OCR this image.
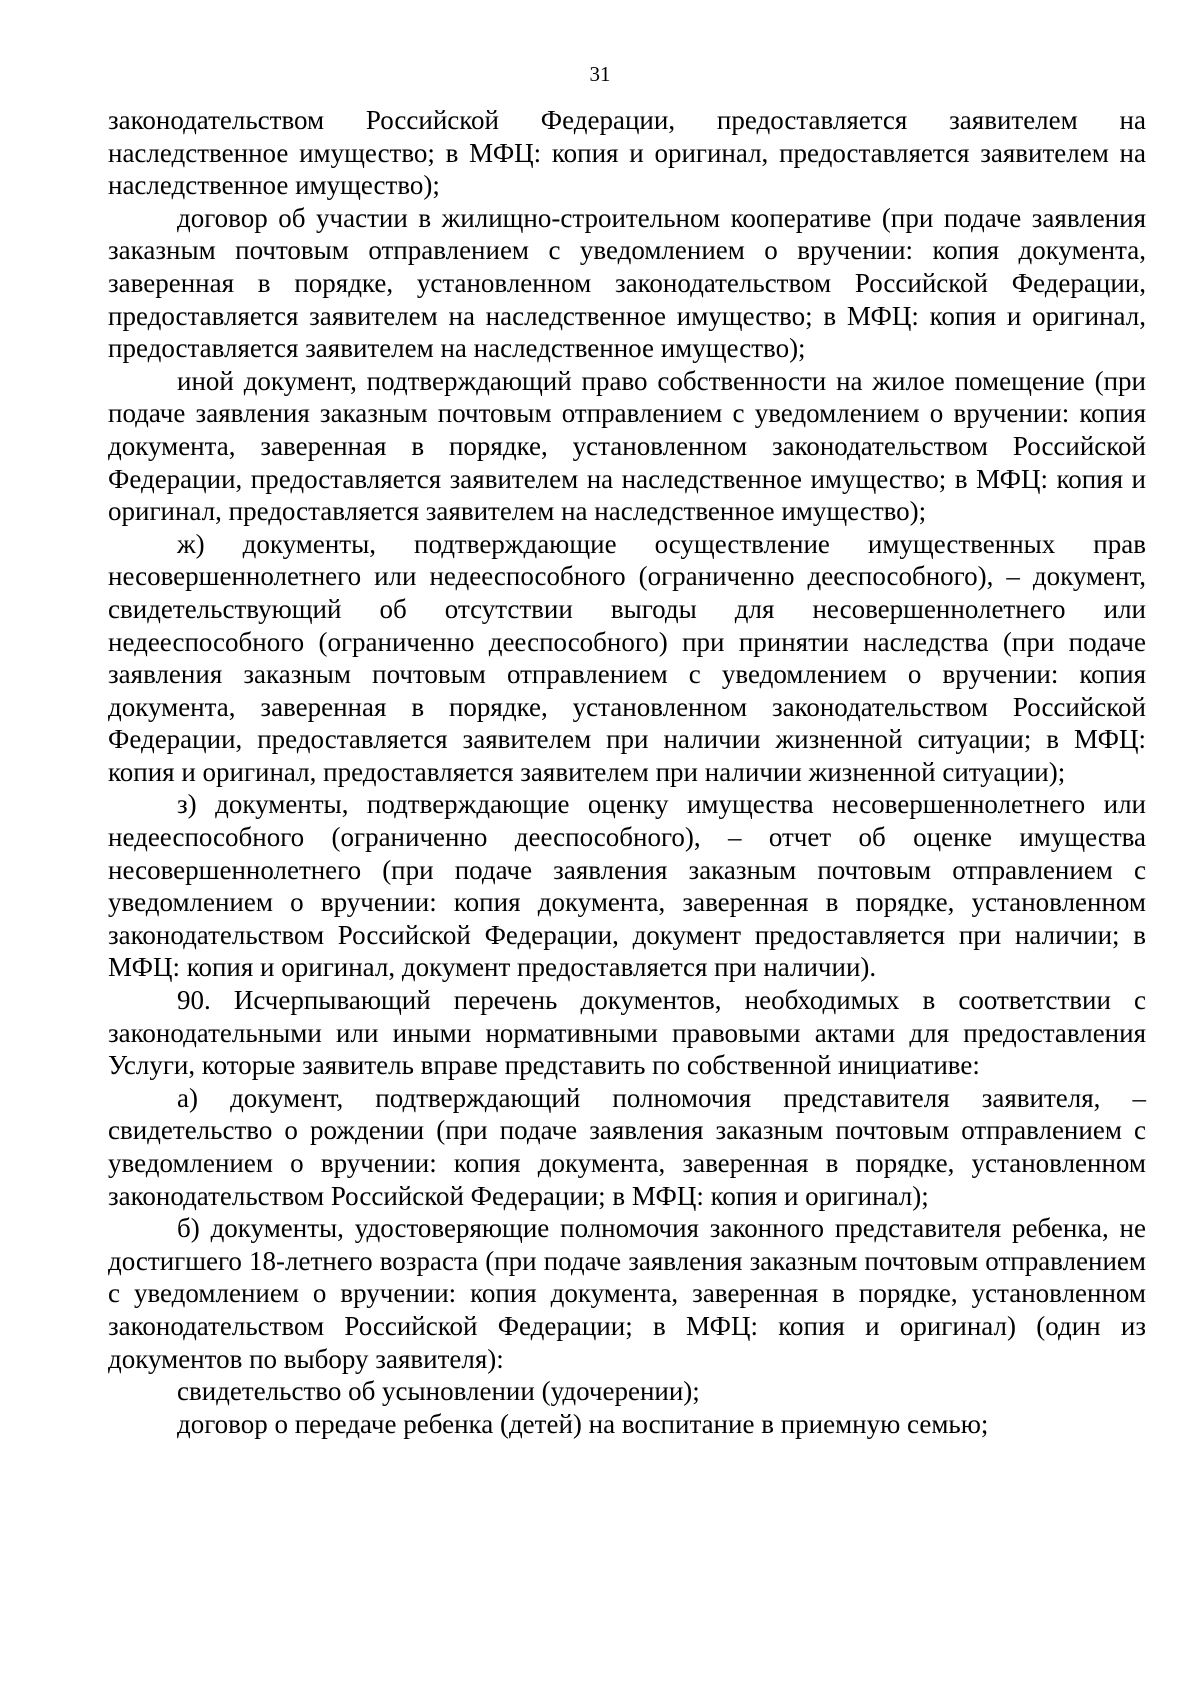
31

законодательством Российской Федерации, предоставляется заявителем на наследственное имущество; в МФЦ: копия и оригинал, предоставляется заявителем на наследственное имущество);

договор об участии в жилищно-строительном кооперативе (при подаче заявления заказным почтовым отправлением с уведомлением о вручении: копия документа, заверенная в порядке, установленном законодательством Российской Федерации, предоставляется заявителем на наследственное имущество; в МФЦ: копия и оригинал, предоставляется заявителем на наследственное имущество);

иной документ, подтверждающий право собственности на жилое помещение (при подаче заявления заказным почтовым отправлением с уведомлением о вручении: копия документа, заверенная в порядке, установленном законодательством Российской Федерации, предоставляется заявителем на наследственное имущество; в МФЦ: копия и оригинал, предоставляется заявителем на наследственное имущество);

ж) документы, подтверждающие осуществление имущественных прав несовершеннолетнего или недееспособного (ограниченно дееспособного), – документ, свидетельствующий об отсутствии выгоды для несовершеннолетнего или недееспособного (ограниченно дееспособного) при принятии наследства (при подаче заявления заказным почтовым отправлением с уведомлением о вручении: копия документа, заверенная в порядке, установленном законодательством Российской Федерации, предоставляется заявителем при наличии жизненной ситуации; в МФЦ: копия и оригинал, предоставляется заявителем при наличии жизненной ситуации);

з) документы, подтверждающие оценку имущества несовершеннолетнего или недееспособного (ограниченно дееспособного), – отчет об оценке имущества несовершеннолетнего (при подаче заявления заказным почтовым отправлением с уведомлением о вручении: копия документа, заверенная в порядке, установленном законодательством Российской Федерации, документ предоставляется при наличии; в МФЦ: копия и оригинал, документ предоставляется при наличии).

90. Исчерпывающий перечень документов, необходимых в соответствии с законодательными или иными нормативными правовыми актами для предоставления Услуги, которые заявитель вправе представить по собственной инициативе:

а) документ, подтверждающий полномочия представителя заявителя, – свидетельство о рождении (при подаче заявления заказным почтовым отправлением с уведомлением о вручении: копия документа, заверенная в порядке, установленном законодательством Российской Федерации; в МФЦ: копия и оригинал);

б) документы, удостоверяющие полномочия законного представителя ребенка, не достигшего 18-летнего возраста (при подаче заявления заказным почтовым отправлением с уведомлением о вручении: копия документа, заверенная в порядке, установленном законодательством Российской Федерации; в МФЦ: копия и оригинал) (один из документов по выбору заявителя):

свидетельство об усыновлении (удочерении);

договор о передаче ребенка (детей) на воспитание в приемную семью;
